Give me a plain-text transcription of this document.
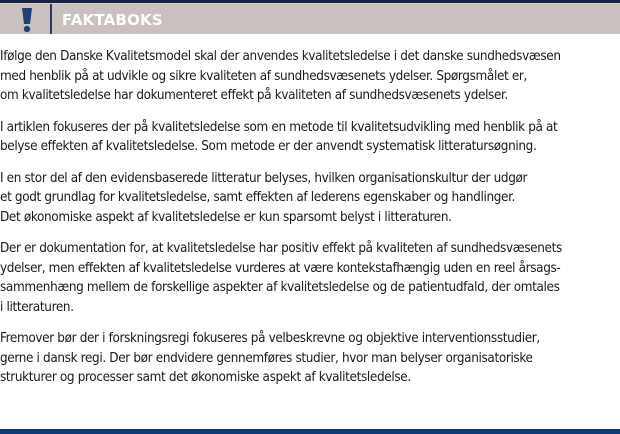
FAKTABOKS

Ifølge den Danske Kvalitetsmodel skal der anvendes kvalitetsledelse i det danske sundhedsvæsen
med henblik på at udvikle og sikre kvaliteten af sundhedsvæsenets ydelser. Spørgsmålet er,
om kvalitetsledelse har dokumenteret effekt på kvaliteten af sundhedsvæsenets ydelser.

I artiklen fokuseres der på kvalitetsledelse som en metode til kvalitetsudvikling med henblik på at
belyse effekten af kvalitetsledelse. Som metode er der anvendt systematisk litteratursøgning.

I en stor del af den evidensbaserede litteratur belyses, hvilken organisationskultur der udgør
et godt grundlag for kvalitetsledelse, samt effekten af lederens egenskaber og handlinger.
Det økonomiske aspekt af kvalitetsledelse er kun sparsomt belyst i litteraturen.

Der er dokumentation for, at kvalitetsledelse har positiv effekt på kvaliteten af sundhedsvæsenets
ydelser, men effekten af kvalitetsledelse vurderes at være kontekstafhængig uden en reel årsags-
sammenhæng mellem de forskellige aspekter af kvalitetsledelse og de patientudfald, der omtales
i litteraturen.

Fremover bør der i forskningsregi fokuseres på velbeskrevne og objektive interventionsstudier,
gerne i dansk regi. Der bør endvidere gennemføres studier, hvor man belyser organisatoriske
strukturer og processer samt det økonomiske aspekt af kvalitetsledelse.
